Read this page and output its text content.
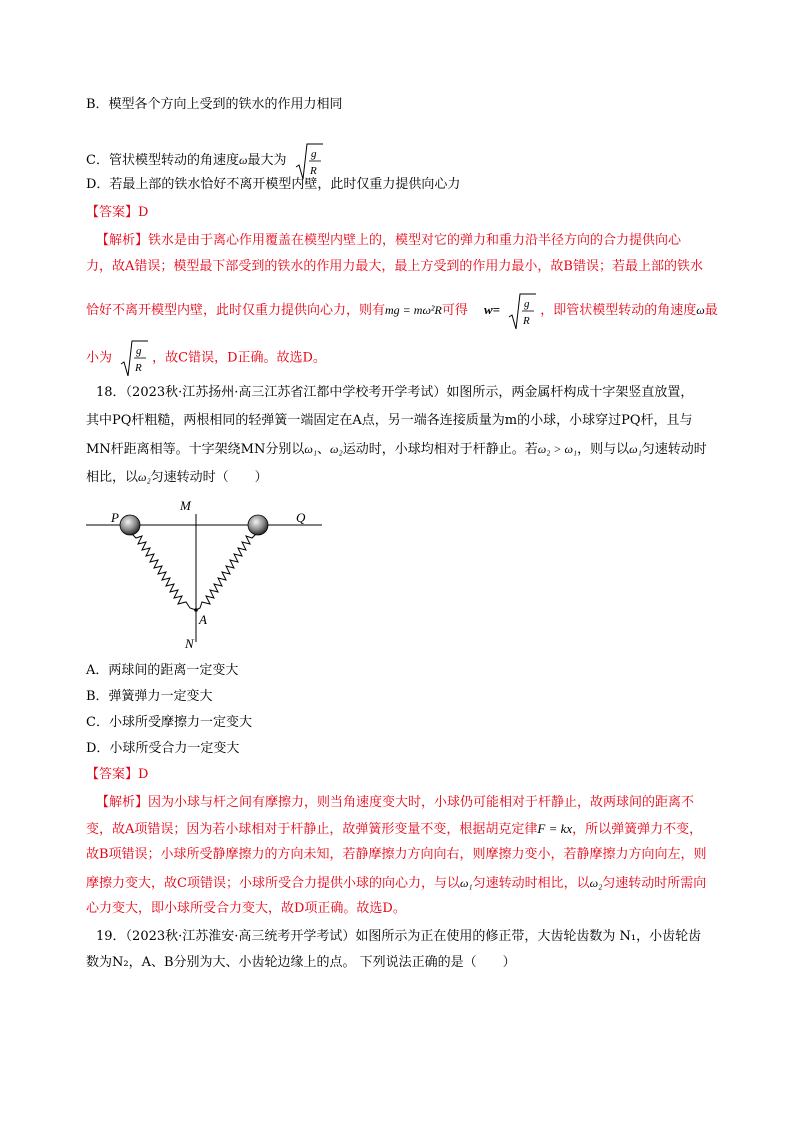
B．模型各个方向上受到的铁水的作用力相同
C．管状模型转动的角速度ω最大为 g
R
D．若最上部的铁水恰好不离开模型内壁，此时仅重力提供向心力
【答案】D
【解析】铁水是由于离心作用覆盖在模型内壁上的，模型对它的弹力和重力沿半径方向的合力提供向心
力，故A错误；模型最下部受到的铁水的作用力最大，最上方受到的作用力最小，故B错误；若最上部的铁水
恰好不离开模型内壁，此时仅重力提供向心力，则有mg = mω²R可得 w= g
R
，即管状模型转动的角速度ω最
小为 g
R
，故C错误，D正确。故选D。
18．（2023秋·江苏扬州·高三江苏省江都中学校考开学考试）如图所示，两金属杆构成十字架竖直放置，
其中PQ杆粗糙，两根相同的轻弹簧一端固定在A点，另一端各连接质量为m的小球，小球穿过PQ杆，且与
MN杆距离相等。十字架绕MN分别以ω₁、ω₂运动时，小球均相对于杆静止。若ω₂ > ω₁，则与以ω₁匀速转动时
相比，以ω₂匀速转动时（　　）
M
N
P	Q
A
A．两球间的距离一定变大
B．弹簧弹力一定变大
C．小球所受摩擦力一定变大
D．小球所受合力一定变大
【答案】D
【解析】因为小球与杆之间有摩擦力，则当角速度变大时，小球仍可能相对于杆静止，故两球间的距离不
变，故A项错误；因为若小球相对于杆静止，故弹簧形变量不变，根据胡克定律F = kx，所以弹簧弹力不变，
故B项错误；小球所受静摩擦力的方向未知，若静摩擦力方向向右，则摩擦力变小，若静摩擦力方向向左，则
摩擦力变大，故C项错误；小球所受合力提供小球的向心力，与以ω₁匀速转动时相比，以ω₂匀速转动时所需向
心力变大，即小球所受合力变大，故D项正确。故选D。
19．（2023秋·江苏淮安·高三统考开学考试）如图所示为正在使用的修正带，大齿轮齿数为 N₁，小齿轮齿
数为N₂，A、B分别为大、小齿轮边缘上的点。 下列说法正确的是（　　）
